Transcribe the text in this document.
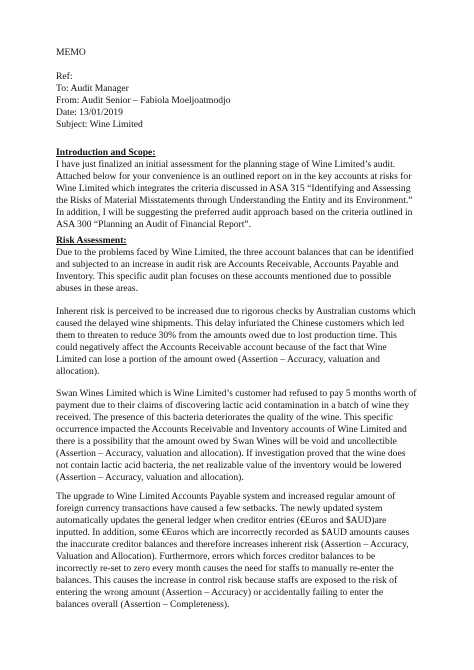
MEMO
Ref:
To: Audit Manager
From: Audit Senior – Fabiola Moeljoatmodjo
Date: 13/01/2019
Subject: Wine Limited
Introduction and Scope:
I have just finalized an initial assessment for the planning stage of Wine Limited’s audit.
Attached below for your convenience is an outlined report on in the key accounts at risks for
Wine Limited which integrates the criteria discussed in ASA 315 “Identifying and Assessing
the Risks of Material Misstatements through Understanding the Entity and its Environment.”
In addition, I will be suggesting the preferred audit approach based on the criteria outlined in
ASA 300 “Planning an Audit of Financial Report”.
Risk Assessment:
Due to the problems faced by Wine Limited, the three account balances that can be identified
and subjected to an increase in audit risk are Accounts Receivable, Accounts Payable and
Inventory. This specific audit plan focuses on these accounts mentioned due to possible
abuses in these areas.
Inherent risk is perceived to be increased due to rigorous checks by Australian customs which
caused the delayed wine shipments. This delay infuriated the Chinese customers which led
them to threaten to reduce 30% from the amounts owed due to lost production time. This
could negatively affect the Accounts Receivable account because of the fact that Wine
Limited can lose a portion of the amount owed (Assertion – Accuracy, valuation and
allocation).
Swan Wines Limited which is Wine Limited’s customer had refused to pay 5 months worth of
payment due to their claims of discovering lactic acid contamination in a batch of wine they
received. The presence of this bacteria deteriorates the quality of the wine. This specific
occurrence impacted the Accounts Receivable and Inventory accounts of Wine Limited and
there is a possibility that the amount owed by Swan Wines will be void and uncollectible
(Assertion – Accuracy, valuation and allocation). If investigation proved that the wine does
not contain lactic acid bacteria, the net realizable value of the inventory would be lowered
(Assertion – Accuracy, valuation and allocation).
The upgrade to Wine Limited Accounts Payable system and increased regular amount of
foreign currency transactions have caused a few setbacks. The newly updated system
automatically updates the general ledger when creditor entries (€Euros and $AUD)are
inputted. In addition, some €Euros which are incorrectly recorded as $AUD amounts causes
the inaccurate creditor balances and therefore increases inherent risk (Assertion – Accuracy,
Valuation and Allocation). Furthermore, errors which forces creditor balances to be
incorrectly re-set to zero every month causes the need for staffs to manually re-enter the
balances. This causes the increase in control risk because staffs are exposed to the risk of
entering the wrong amount (Assertion – Accuracy) or accidentally failing to enter the
balances overall (Assertion – Completeness).
